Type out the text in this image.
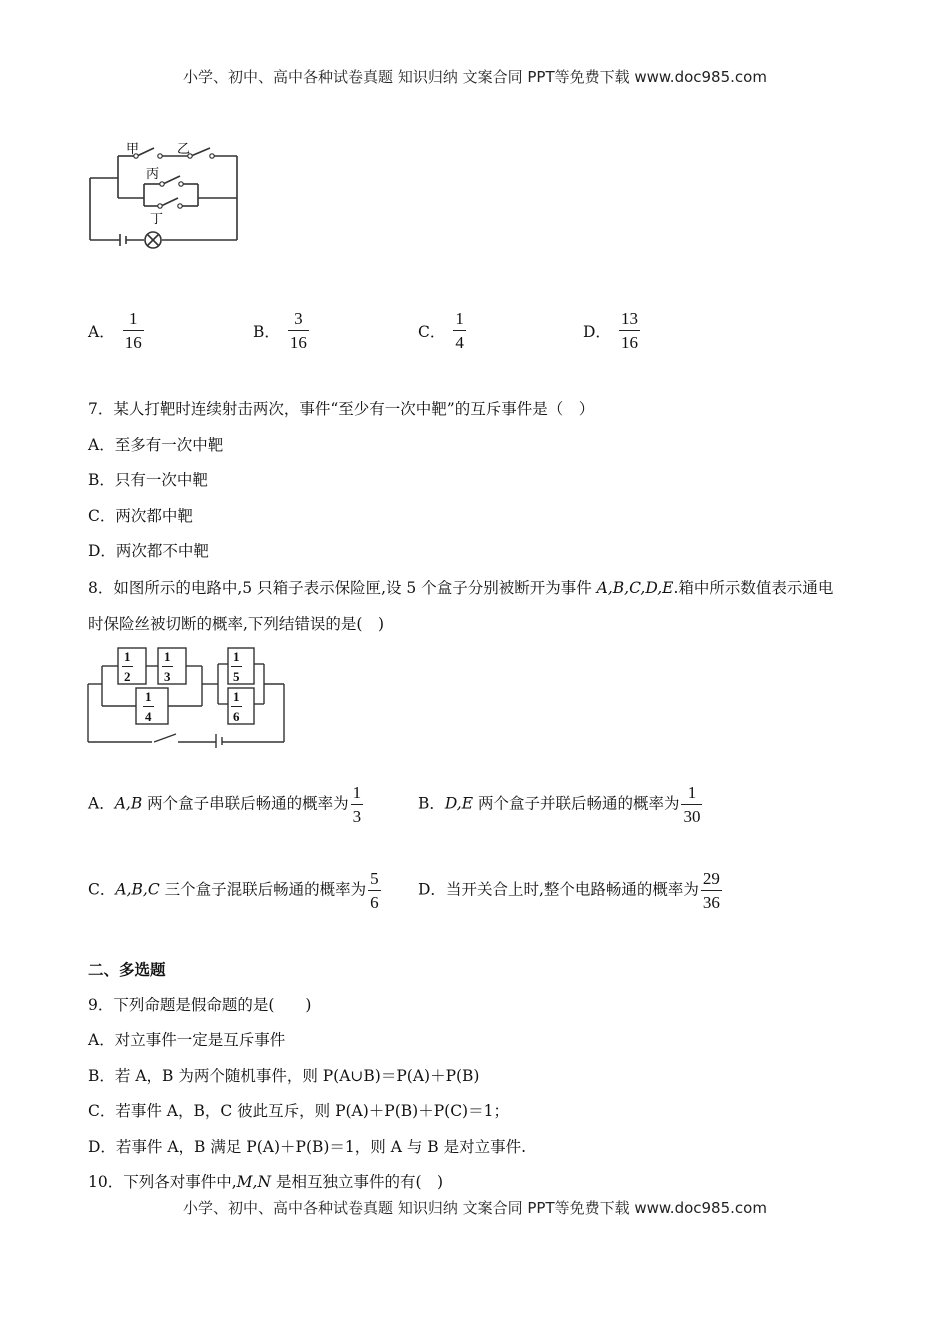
小学、初中、高中各种试卷真题 知识归纳 文案合同 PPT等免费下载 www.doc985.com
甲	乙
丙
丁
A． $\frac{1}{16}$	B． $\frac{3}{16}$	C． $\frac{1}{4}$	D． $\frac{13}{16}$
7．某人打靶时连续射击两次，事件“至少有一次中靶”的互斥事件是（　）
A．至多有一次中靶
B．只有一次中靶
C．两次都中靶
D．两次都不中靶
8．如图所示的电路中,5 只箱子表示保险匣,设 5 个盒子分别被断开为事件 A,B,C,D,E.箱中所示数值表示通电
时保险丝被切断的概率,下列结错误的是(　)
$\frac{1}{2} \frac{1}{3}$
$\frac{1}{4}$
$\frac{1}{5}$
$\frac{1}{6}$
A．A,B 两个盒子串联后畅通的概率为 $\frac{1}{3}$	B．D,E 两个盒子并联后畅通的概率为 $\frac{1}{30}$
C．A,B,C 三个盒子混联后畅通的概率为 $\frac{5}{6}$ D．当开关合上时,整个电路畅通的概率为 $\frac{29}{36}$
二、多选题
9．下列命题是假命题的是(　　)
A．对立事件一定是互斥事件
B．若 A，B 为两个随机事件，则 P(A∪B)＝P(A)＋P(B)
C．若事件 A，B，C 彼此互斥，则 P(A)＋P(B)＋P(C)＝1；
D．若事件 A，B 满足 P(A)＋P(B)＝1，则 A 与 B 是对立事件.
10．下列各对事件中,M,N 是相互独立事件的有(　)
小学、初中、高中各种试卷真题 知识归纳 文案合同 PPT等免费下载 www.doc985.com
